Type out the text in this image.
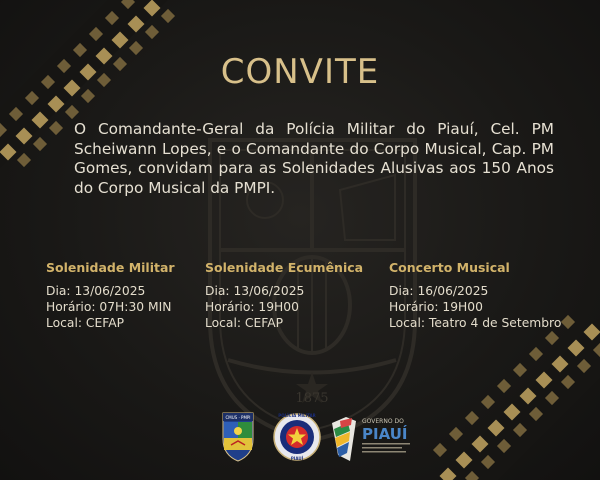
1875
CONVITE
O Comandante-Geral da Polícia Militar do Piauí, Cel. PM Scheiwann Lopes, e o Comandante do Corpo Musical, Cap. PM Gomes, convidam para as Solenidades Alusivas aos 150 Anos do Corpo Musical da PMPI.
Solenidade Militar
Dia: 13/06/2025
Horário: 07H:30 MIN
Local: CEFAP
Solenidade Ecumênica
Dia: 13/06/2025
Horário: 19H00
Local: CEFAP
Concerto Musical
Dia: 16/06/2025
Horário: 19H00
Local: Teatro 4 de Setembro
CMUS · PMPI	POLÍCIA MILITAR
PIAUÍ
GOVERNO DO
PIAUÍ
